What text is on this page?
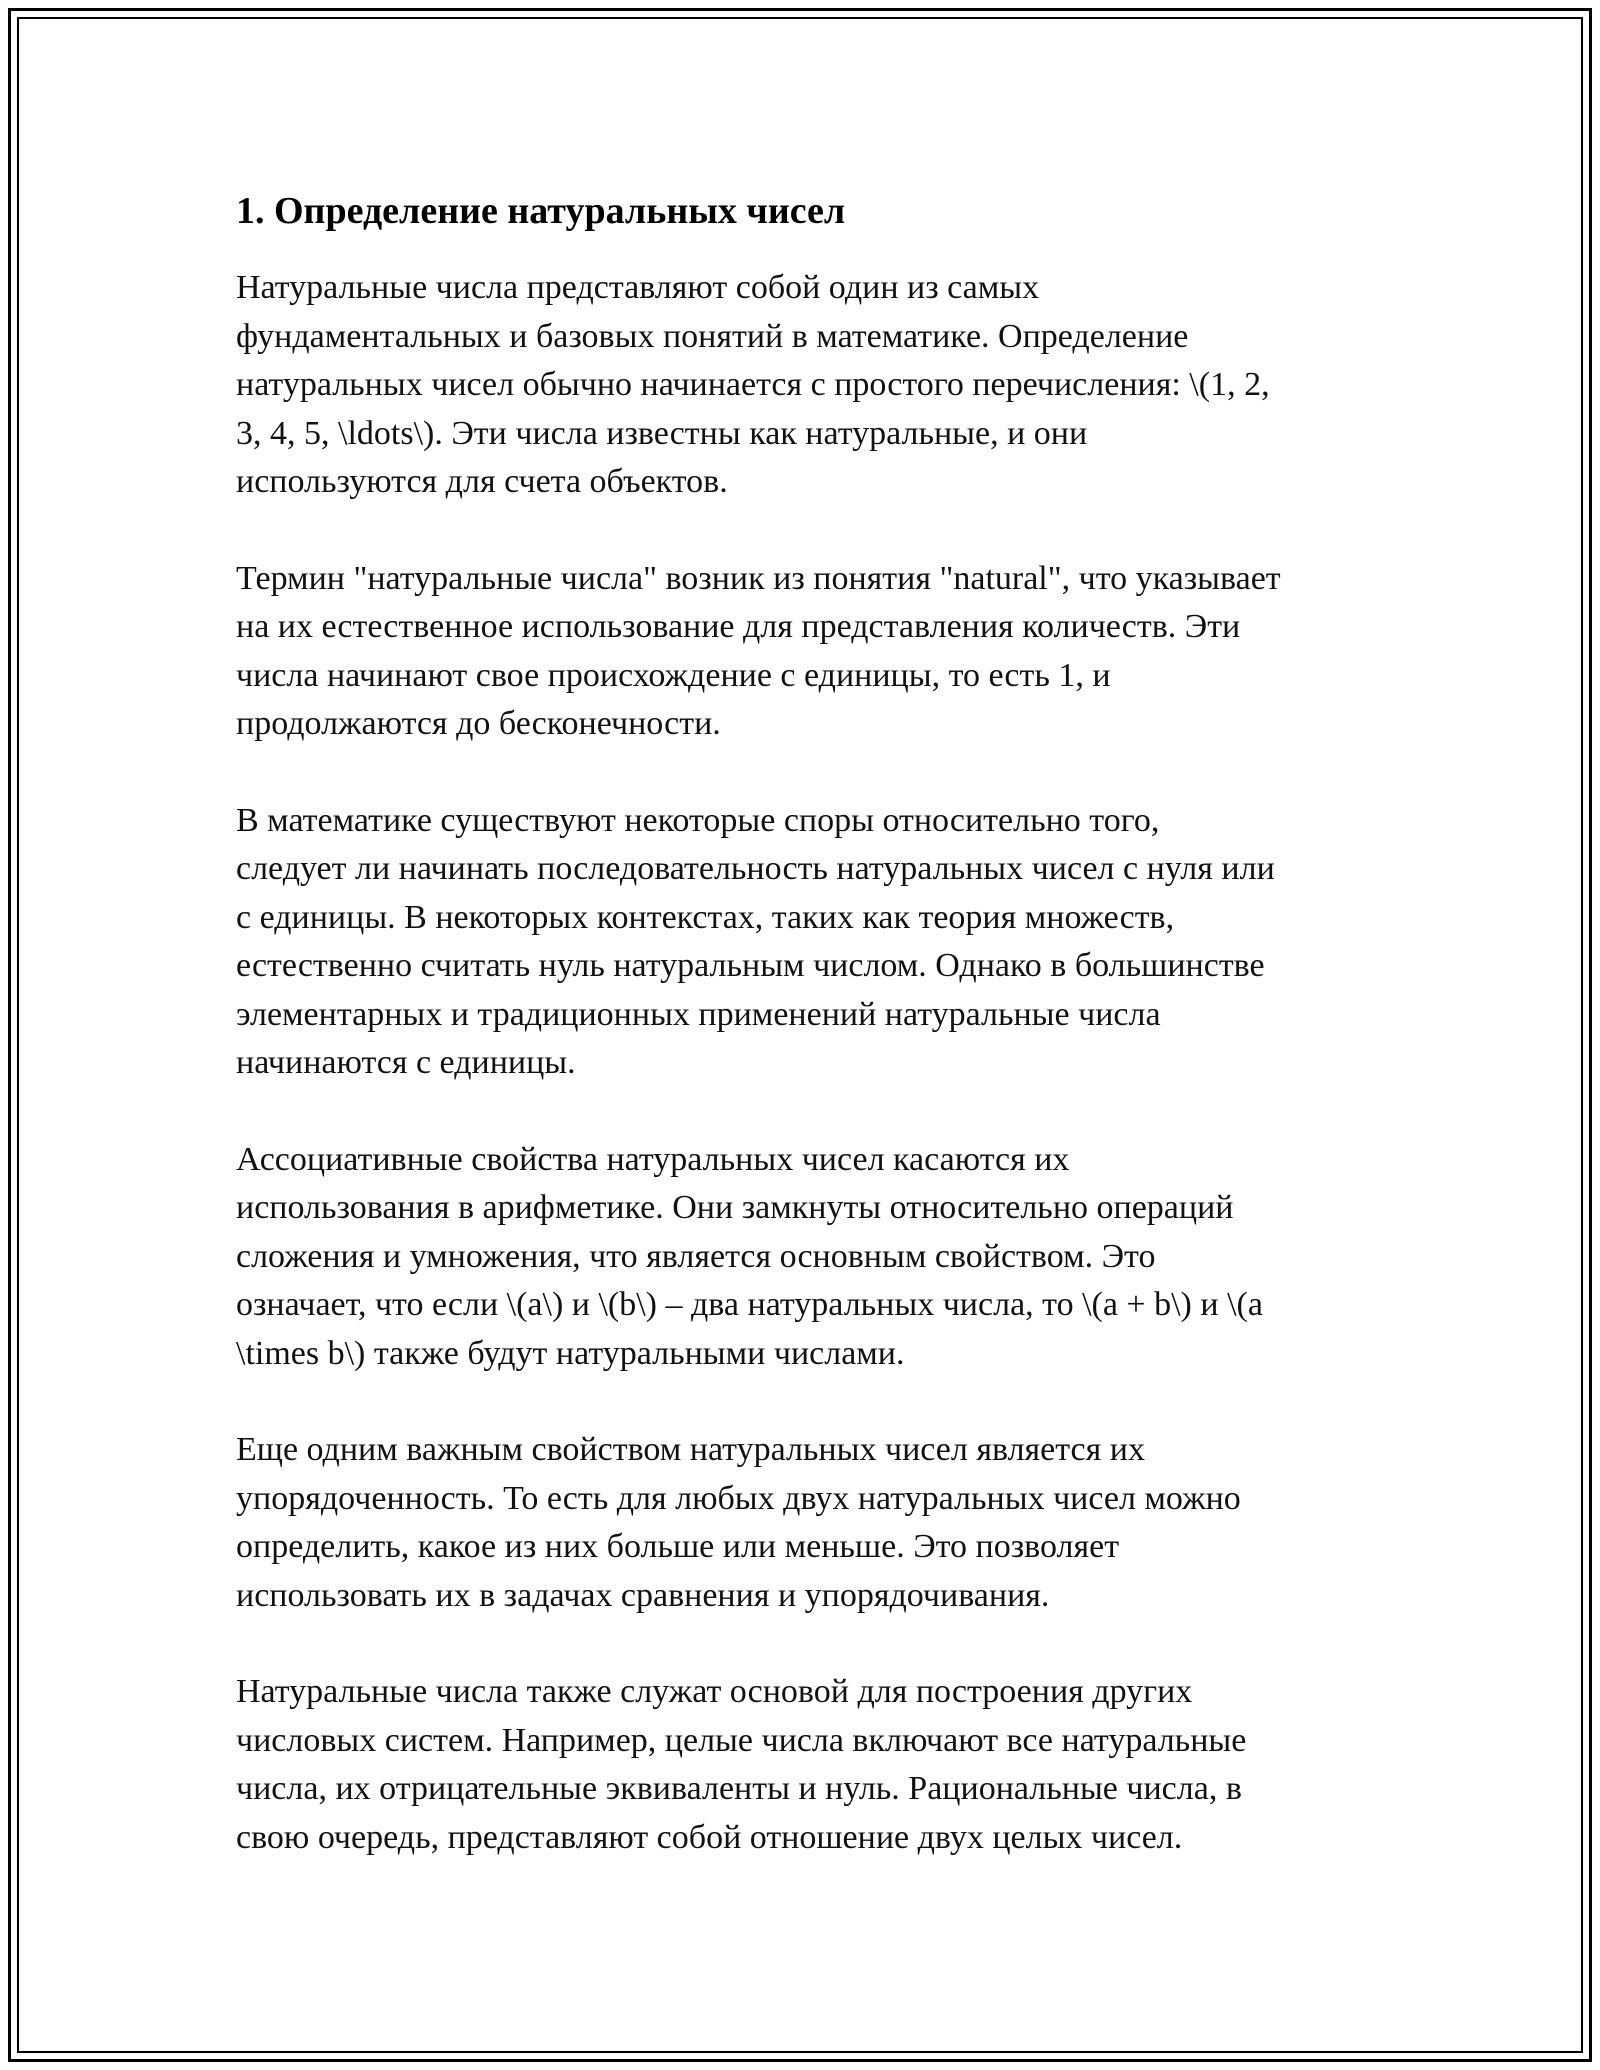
1. Определение натуральных чисел

Натуральные числа представляют собой один из самых
фундаментальных и базовых понятий в математике. Определение
натуральных чисел обычно начинается с простого перечисления: \(1, 2,
3, 4, 5, \ldots\). Эти числа известны как натуральные, и они
используются для счета объектов.

Термин "натуральные числа" возник из понятия "natural", что указывает
на их естественное использование для представления количеств. Эти
числа начинают свое происхождение с единицы, то есть 1, и
продолжаются до бесконечности.

В математике существуют некоторые споры относительно того,
следует ли начинать последовательность натуральных чисел с нуля или
с единицы. В некоторых контекстах, таких как теория множеств,
естественно считать нуль натуральным числом. Однако в большинстве
элементарных и традиционных применений натуральные числа
начинаются с единицы.

Ассоциативные свойства натуральных чисел касаются их
использования в арифметике. Они замкнуты относительно операций
сложения и умножения, что является основным свойством. Это
означает, что если \(a\) и \(b\) – два натуральных числа, то \(a + b\) и \(a
\times b\) также будут натуральными числами.

Еще одним важным свойством натуральных чисел является их
упорядоченность. То есть для любых двух натуральных чисел можно
определить, какое из них больше или меньше. Это позволяет
использовать их в задачах сравнения и упорядочивания.

Натуральные числа также служат основой для построения других
числовых систем. Например, целые числа включают все натуральные
числа, их отрицательные эквиваленты и нуль. Рациональные числа, в
свою очередь, представляют собой отношение двух целых чисел.
